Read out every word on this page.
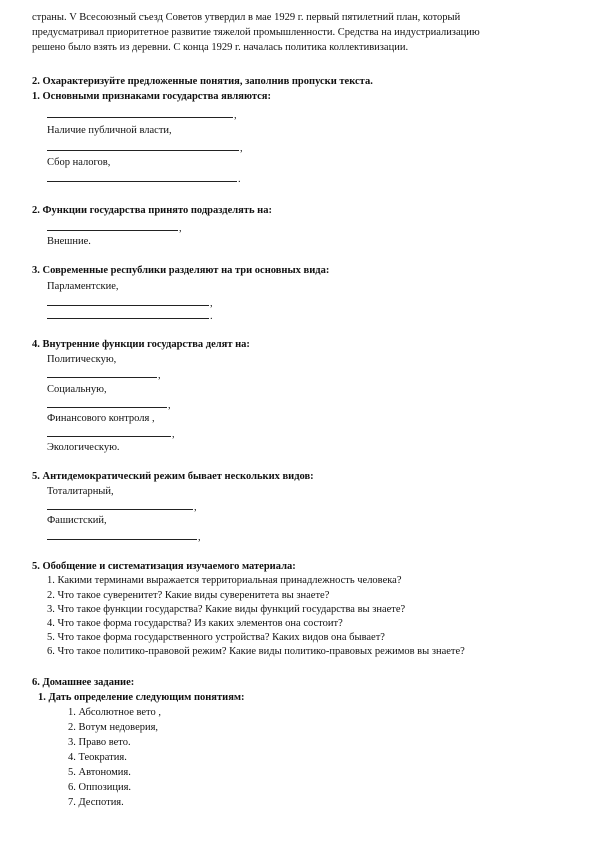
страны. V Всесоюзный съезд Советов утвердил в мае 1929 г. первый пятилетний план, который
предусматривал приоритетное развитие тяжелой промышленности. Средства на индустриализацию
решено было взять из деревни. С конца 1929 г. началась политика коллективизации.
2. Охарактеризуйте предложенные понятия, заполнив пропуски текста.
1. Основными признаками государства являются:
,
Наличие публичной власти,
,
Сбор налогов,
.
2. Функции государства принято подразделять на:
,
Внешние.
3. Современные республики разделяют на три основных вида:
Парламентские,
,
.
4. Внутренние функции государства делят на:
Политическую,
,
Социальную,
,
Финансового контроля ,
,
Экологическую.
5. Антидемократический режим бывает нескольких видов:
Тоталитарный,
,
Фашистский,
,
5. Обобщение и систематизация изучаемого материала:
1. Какими терминами выражается территориальная принадлежность человека?
2. Что такое суверенитет? Какие виды суверенитета вы знаете?
3. Что такое функции государства? Какие виды функций государства вы знаете?
4. Что такое форма государства? Из каких элементов она состоит?
5. Что такое форма государственного устройства? Каких видов она бывает?
6. Что такое политико-правовой режим? Какие виды политико-правовых режимов вы знаете?
6. Домашнее задание:
1. Дать определение следующим понятиям:
1. Абсолютное вето ,
2. Вотум недоверия,
3. Право вето.
4. Теократия.
5. Автономия.
6. Оппозиция.
7. Деспотия.
